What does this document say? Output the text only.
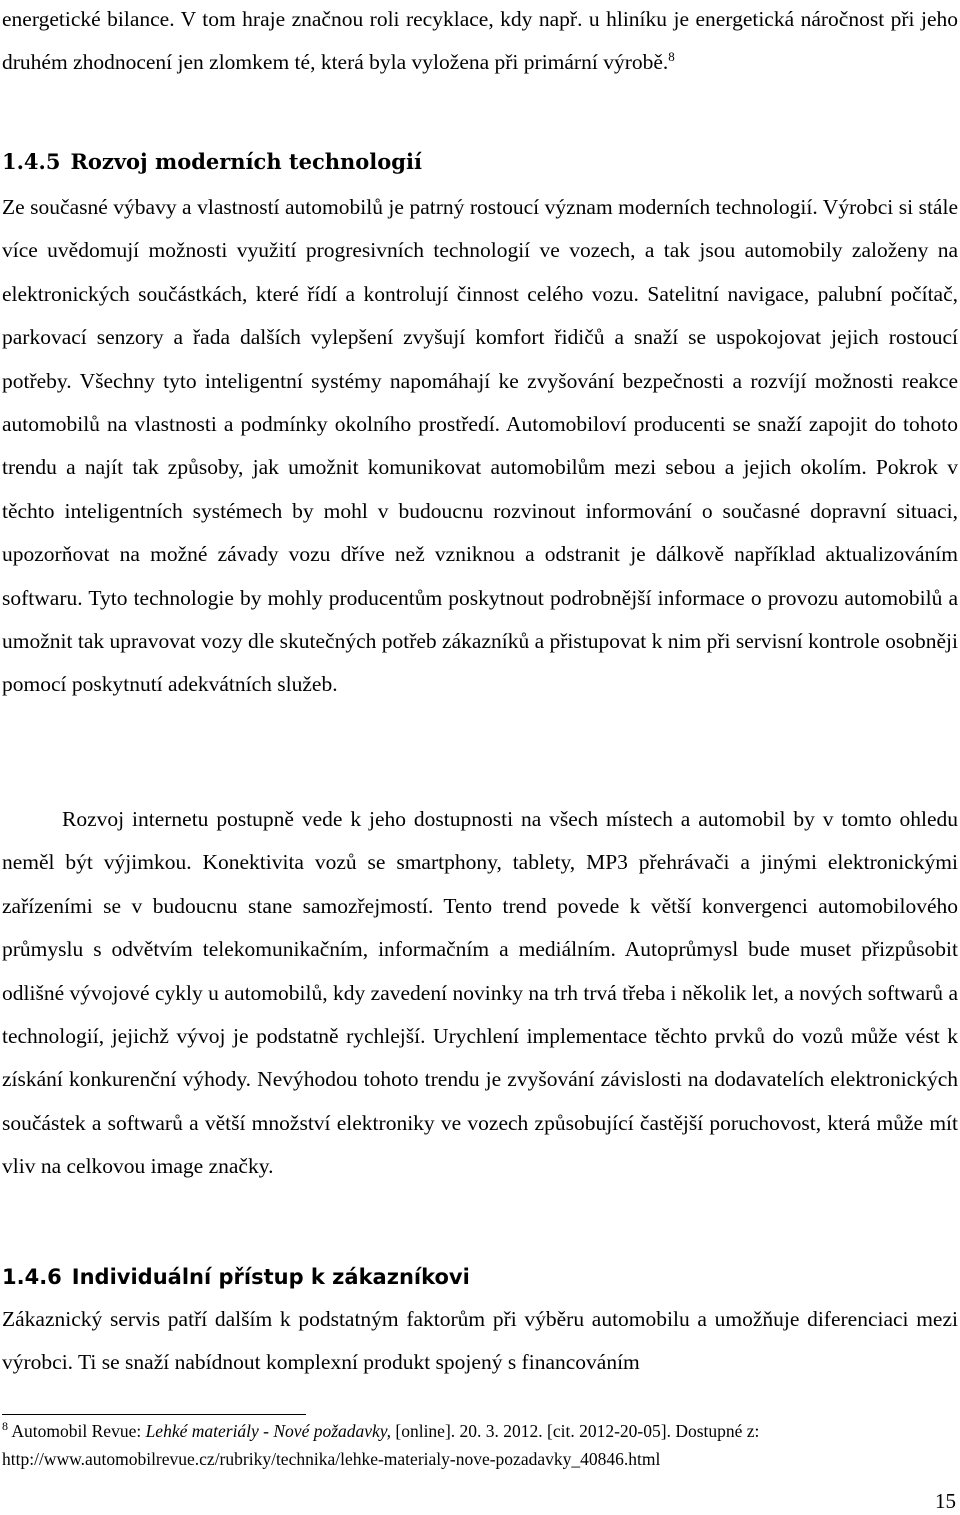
energetické bilance. V tom hraje značnou roli recyklace, kdy např. u hliníku je energetická náročnost při jeho druhém zhodnocení jen zlomkem té, která byla vyložena při primární výrobě.$^8$

1.4.5 Rozvoj moderních technologií

Ze současné výbavy a vlastností automobilů je patrný rostoucí význam moderních technologií. Výrobci si stále více uvědomují možnosti využití progresivních technologií ve vozech, a tak jsou automobily založeny na elektronických součástkách, které řídí a kontrolují činnost celého vozu. Satelitní navigace, palubní počítač, parkovací senzory a řada dalších vylepšení zvyšují komfort řidičů a snaží se uspokojovat jejich rostoucí potřeby. Všechny tyto inteligentní systémy napomáhají ke zvyšování bezpečnosti a rozvíjí možnosti reakce automobilů na vlastnosti a podmínky okolního prostředí. Automobiloví producenti se snaží zapojit do tohoto trendu a najít tak způsoby, jak umožnit komunikovat automobilům mezi sebou a jejich okolím. Pokrok v těchto inteligentních systémech by mohl v budoucnu rozvinout informování o současné dopravní situaci, upozorňovat na možné závady vozu dříve než vzniknou a odstranit je dálkově například aktualizováním softwaru. Tyto technologie by mohly producentům poskytnout podrobnější informace o provozu automobilů a umožnit tak upravovat vozy dle skutečných potřeb zákazníků a přistupovat k nim při servisní kontrole osobněji pomocí poskytnutí adekvátních služeb.

Rozvoj internetu postupně vede k jeho dostupnosti na všech místech a automobil by v tomto ohledu neměl být výjimkou. Konektivita vozů se smartphony, tablety, MP3 přehrávači a jinými elektronickými zařízeními se v budoucnu stane samozřejmostí. Tento trend povede k větší konvergenci automobilového průmyslu s odvětvím telekomunikačním, informačním a mediálním. Autoprůmysl bude muset přizpůsobit odlišné vývojové cykly u automobilů, kdy zavedení novinky na trh trvá třeba i několik let, a nových softwarů a technologií, jejichž vývoj je podstatně rychlejší. Urychlení implementace těchto prvků do vozů může vést k získání konkurenční výhody. Nevýhodou tohoto trendu je zvyšování závislosti na dodavatelích elektronických součástek a softwarů a větší množství elektroniky ve vozech způsobující častější poruchovost, která může mít vliv na celkovou image značky.

1.4.6 Individuální přístup k zákazníkovi

Zákaznický servis patří dalším k podstatným faktorům při výběru automobilu a umožňuje diferenciaci mezi výrobci. Ti se snaží nabídnout komplexní produkt spojený s financováním

$^8$ Automobil Revue: Lehké materiály - Nové požadavky, [online]. 20. 3. 2012. [cit. 2012-20-05]. Dostupné z:

http://www.automobilrevue.cz/rubriky/technika/lehke-materialy-nove-pozadavky_40846.html

15
